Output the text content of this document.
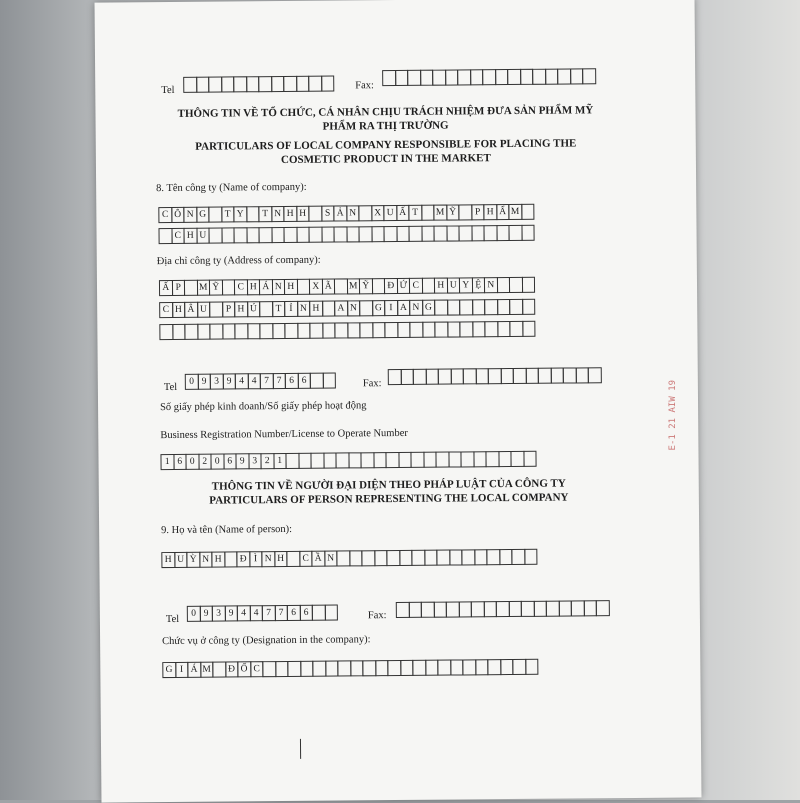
Tel	Fax:
THÔNG TIN VỀ TỔ CHỨC, CÁ NHÂN CHỊU TRÁCH NHIỆM ĐƯA SẢN PHẨM MỸ
PHẨM RA THỊ TRƯỜNG
PARTICULARS OF LOCAL COMPANY RESPONSIBLE FOR PLACING THE
COSMETIC PRODUCT IN THE MARKET
8. Tên công ty (Name of company):
C Ô N G	T Y	T N H H	S Ả N	X U Ấ T	M Ỹ	P H Ẩ M
C H U
Địa chỉ công ty (Address of company):
Ấ P	M Ỹ	C H Á N H	X Ã	M Ỹ	Đ Ứ C	H U Y Ệ N
C H Â U	P H Ú	T Ỉ N H	A N	G I A N G
Tel
0 9 3 9 4 4 7 7 6 6	Fax:
Số giấy phép kinh doanh/Số giấy phép hoạt động
Business Registration Number/License to Operate Number
1 6 0 2 0 6 9 3 2 1
THÔNG TIN VỀ NGƯỜI ĐẠI DIỆN THEO PHÁP LUẬT CỦA CÔNG TY
PARTICULARS OF PERSON REPRESENTING THE LOCAL COMPANY
9. Họ và tên (Name of person):
H U Ỳ N H	Đ Ì N H	C Ầ N
Tel
0 9 3 9 4 4 7 7 6 6	Fax:
Chức vụ ở công ty (Designation in the company):
G I Á M	Đ Ố C
E-1 21 AIW 19
